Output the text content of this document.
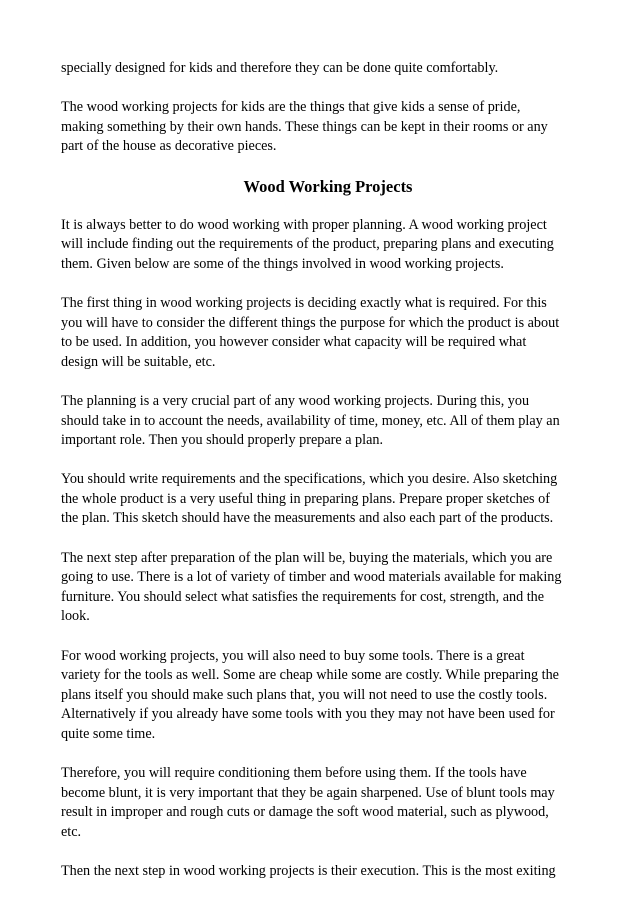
specially designed for kids and therefore they can be done quite comfortably.

The wood working projects for kids are the things that give kids a sense of pride,
making something by their own hands. These things can be kept in their rooms or any
part of the house as decorative pieces.

Wood Working Projects

It is always better to do wood working with proper planning. A wood working project
will include finding out the requirements of the product, preparing plans and executing
them. Given below are some of the things involved in wood working projects.

The first thing in wood working projects is deciding exactly what is required. For this
you will have to consider the different things the purpose for which the product is about
to be used. In addition, you however consider what capacity will be required what
design will be suitable, etc.

The planning is a very crucial part of any wood working projects. During this, you
should take in to account the needs, availability of time, money, etc. All of them play an
important role. Then you should properly prepare a plan.

You should write requirements and the specifications, which you desire. Also sketching
the whole product is a very useful thing in preparing plans. Prepare proper sketches of
the plan. This sketch should have the measurements and also each part of the products.

The next step after preparation of the plan will be, buying the materials, which you are
going to use. There is a lot of variety of timber and wood materials available for making
furniture. You should select what satisfies the requirements for cost, strength, and the
look.

For wood working projects, you will also need to buy some tools. There is a great
variety for the tools as well. Some are cheap while some are costly. While preparing the
plans itself you should make such plans that, you will not need to use the costly tools.
Alternatively if you already have some tools with you they may not have been used for
quite some time.

Therefore, you will require conditioning them before using them. If the tools have
become blunt, it is very important that they be again sharpened. Use of blunt tools may
result in improper and rough cuts or damage the soft wood material, such as plywood,
etc.

Then the next step in wood working projects is their execution. This is the most exiting
